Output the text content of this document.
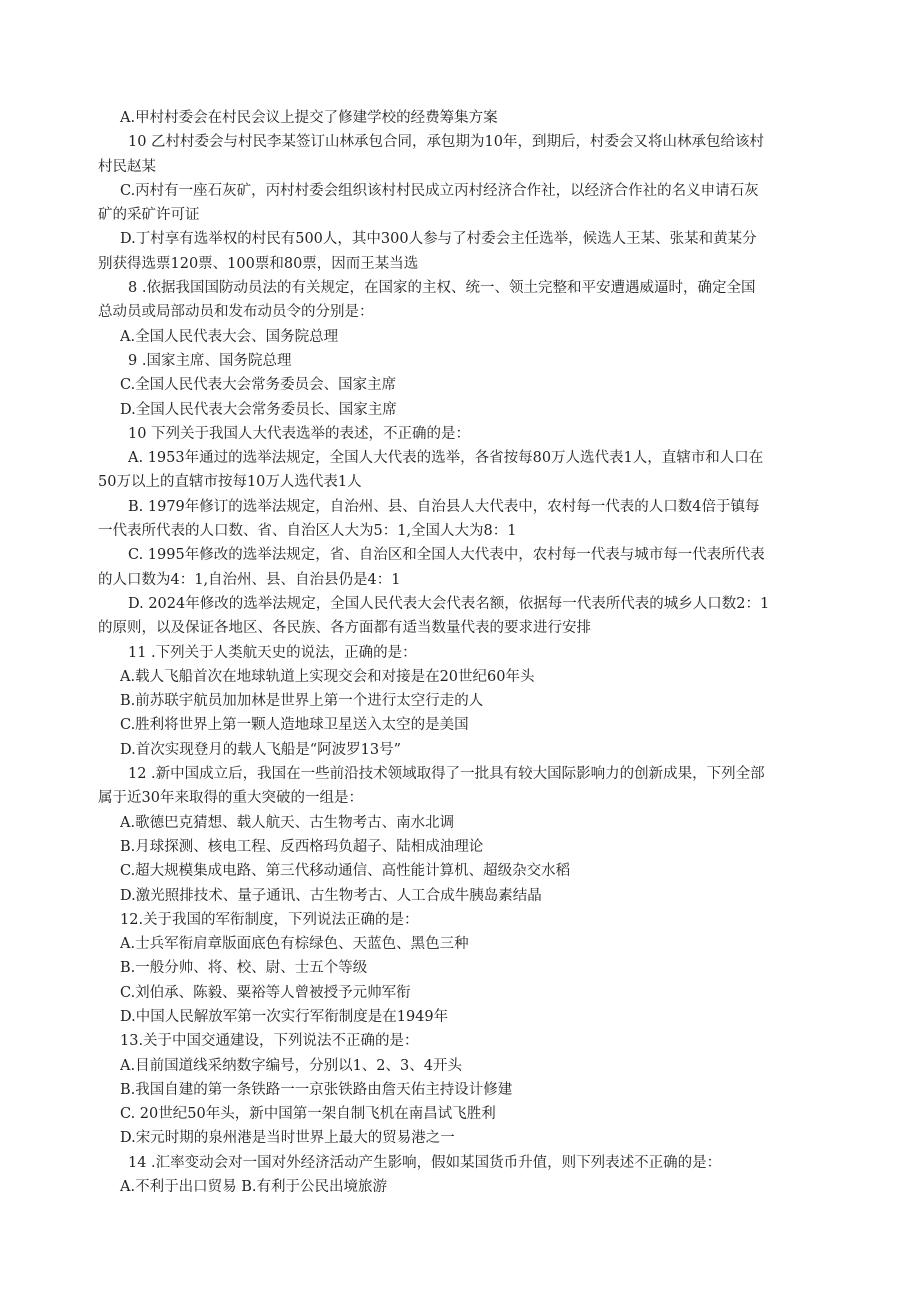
A.甲村村委会在村民会议上提交了修建学校的经费筹集方案
10 乙村村委会与村民李某签订山林承包合同，承包期为10年，到期后，村委会又将山林承包给该村
村民赵某
C.丙村有一座石灰矿，丙村村委会组织该村村民成立丙村经济合作社，以经济合作社的名义申请石灰
矿的采矿许可证
D.丁村享有选举权的村民有500人，其中300人参与了村委会主任选举，候选人王某、张某和黄某分
别获得选票120票、100票和80票，因而王某当选
8 .依据我国国防动员法的有关规定，在国家的主权、统一、领土完整和平安遭遇威逼时，确定全国
总动员或局部动员和发布动员令的分别是：
A.全国人民代表大会、国务院总理
9 .国家主席、国务院总理
C.全国人民代表大会常务委员会、国家主席
D.全国人民代表大会常务委员长、国家主席
10 下列关于我国人大代表选举的表述，不正确的是：
A. 1953年通过的选举法规定，全国人大代表的选举，各省按每80万人选代表1人，直辖市和人口在
50万以上的直辖市按每10万人选代表1人
B. 1979年修订的选举法规定，自治州、县、自治县人大代表中，农村每一代表的人口数4倍于镇每
一代表所代表的人口数、省、自治区人大为5：1,全国人大为8：1
C. 1995年修改的选举法规定，省、自治区和全国人大代表中，农村每一代表与城市每一代表所代表
的人口数为4：1,自治州、县、自治县仍是4：1
D. 2024年修改的选举法规定，全国人民代表大会代表名额，依据每一代表所代表的城乡人口数2：1
的原则，以及保证各地区、各民族、各方面都有适当数量代表的要求进行安排
11 .下列关于人类航天史的说法，正确的是：
A.载人飞船首次在地球轨道上实现交会和对接是在20世纪60年头
B.前苏联宇航员加加林是世界上第一个进行太空行走的人
C.胜利将世界上第一颗人造地球卫星送入太空的是美国
D.首次实现登月的载人飞船是“阿波罗13号”
12 .新中国成立后，我国在一些前沿技术领域取得了一批具有较大国际影响力的创新成果，下列全部
属于近30年来取得的重大突破的一组是：
A.歌德巴克猜想、载人航天、古生物考古、南水北调
B.月球探测、核电工程、反西格玛负超子、陆相成油理论
C.超大规模集成电路、第三代移动通信、高性能计算机、超级杂交水稻
D.激光照排技术、量子通讯、古生物考古、人工合成牛胰岛素结晶
12.关于我国的军衔制度，下列说法正确的是：
A.士兵军衔肩章版面底色有棕绿色、天蓝色、黑色三种
B.一般分帅、将、校、尉、士五个等级
C.刘伯承、陈毅、粟裕等人曾被授予元帅军衔
D.中国人民解放军第一次实行军衔制度是在1949年
13.关于中国交通建设，下列说法不正确的是：
A.目前国道线采纳数字编号，分别以1、2、3、4开头
B.我国自建的第一条铁路一一京张铁路由詹天佑主持设计修建
C. 20世纪50年头，新中国第一架自制飞机在南昌试飞胜利
D.宋元时期的泉州港是当时世界上最大的贸易港之一
14 .汇率变动会对一国对外经济活动产生影响，假如某国货币升值，则下列表述不正确的是：
A.不利于出口贸易 B.有利于公民出境旅游
